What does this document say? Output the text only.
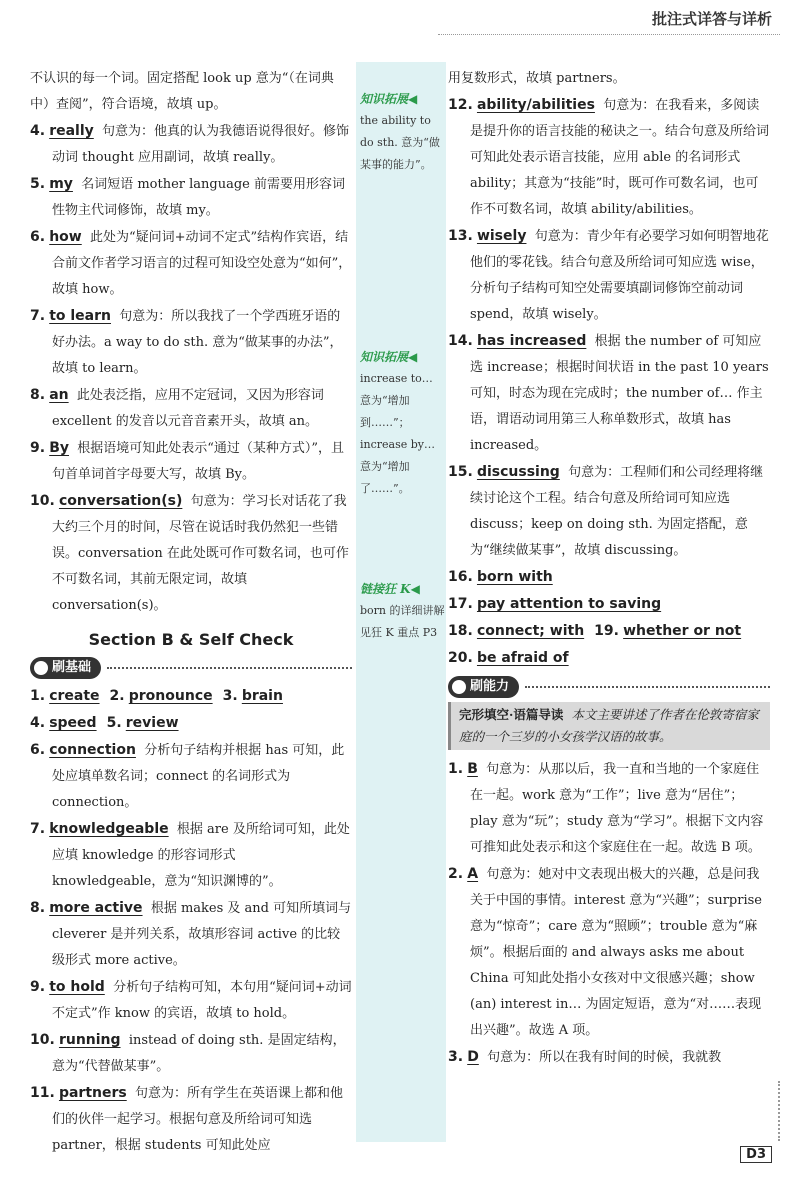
批注式详答与详析
知识拓展◀
the ability to do sth. 意为“做某事的能力”。
知识拓展◀
increase to… 意为“增加到……”；increase by… 意为“增加了……”。
链接狂 K◀
born 的详细讲解见狂 K 重点 P3

不认识的每一个词。固定搭配 look up 意为“（在词典中）查阅”，符合语境，故填 up。

4. really 句意为：他真的认为我德语说得很好。修饰动词 thought 应用副词，故填 really。

5. my 名词短语 mother language 前需要用形容词性物主代词修饰，故填 my。

6. how 此处为“疑问词+动词不定式”结构作宾语，结合前文作者学习语言的过程可知设空处意为“如何”，故填 how。

7. to learn 句意为：所以我找了一个学西班牙语的好办法。a way to do sth. 意为“做某事的办法”，故填 to learn。

8. an 此处表泛指，应用不定冠词，又因为形容词 excellent 的发音以元音音素开头，故填 an。

9. By 根据语境可知此处表示“通过（某种方式）”，且句首单词首字母要大写，故填 By。

10. conversation(s) 句意为：学习长对话花了我大约三个月的时间，尽管在说话时我仍然犯一些错误。conversation 在此处既可作可数名词，也可作不可数名词，其前无限定词，故填 conversation(s)。

Section B & Self Check
刷基础

1. create 2. pronounce 3. brain

4. speed 5. review

6. connection 分析句子结构并根据 has 可知，此处应填单数名词；connect 的名词形式为 connection。

7. knowledgeable 根据 are 及所给词可知，此处应填 knowledge 的形容词形式 knowledgeable，意为“知识渊博的”。

8. more active 根据 makes 及 and 可知所填词与 cleverer 是并列关系，故填形容词 active 的比较级形式 more active。

9. to hold 分析句子结构可知，本句用“疑问词+动词不定式”作 know 的宾语，故填 to hold。

10. running instead of doing sth. 是固定结构，意为“代替做某事”。

11. partners 句意为：所有学生在英语课上都和他们的伙伴一起学习。根据句意及所给词可知选 partner，根据 students 可知此处应

用复数形式，故填 partners。

12. ability/abilities 句意为：在我看来，多阅读是提升你的语言技能的秘诀之一。结合句意及所给词可知此处表示语言技能，应用 able 的名词形式 ability；其意为“技能”时，既可作可数名词，也可作不可数名词，故填 ability/abilities。

13. wisely 句意为：青少年有必要学习如何明智地花他们的零花钱。结合句意及所给词可知应选 wise，分析句子结构可知空处需要填副词修饰空前动词 spend，故填 wisely。

14. has increased 根据 the number of 可知应选 increase；根据时间状语 in the past 10 years 可知，时态为现在完成时；the number of… 作主语，谓语动词用第三人称单数形式，故填 has increased。

15. discussing 句意为：工程师们和公司经理将继续讨论这个工程。结合句意及所给词可知应选 discuss；keep on doing sth. 为固定搭配，意为“继续做某事”，故填 discussing。

16. born with

17. pay attention to saving

18. connect; with 19. whether or not

20. be afraid of

刷能力
完形填空·语篇导读 本文主要讲述了作者在伦敦寄宿家庭的一个三岁的小女孩学汉语的故事。

1. B 句意为：从那以后，我一直和当地的一个家庭住在一起。work 意为“工作”；live 意为“居住”；play 意为“玩”；study 意为“学习”。根据下文内容可推知此处表示和这个家庭住在一起。故选 B 项。

2. A 句意为：她对中文表现出极大的兴趣，总是问我关于中国的事情。interest 意为“兴趣”；surprise 意为“惊奇”；care 意为“照顾”；trouble 意为“麻烦”。根据后面的 and always asks me about China 可知此处指小女孩对中文很感兴趣；show (an) interest in… 为固定短语，意为“对……表现出兴趣”。故选 A 项。

3. D 句意为：所以在我有时间的时候，我就教

D3
